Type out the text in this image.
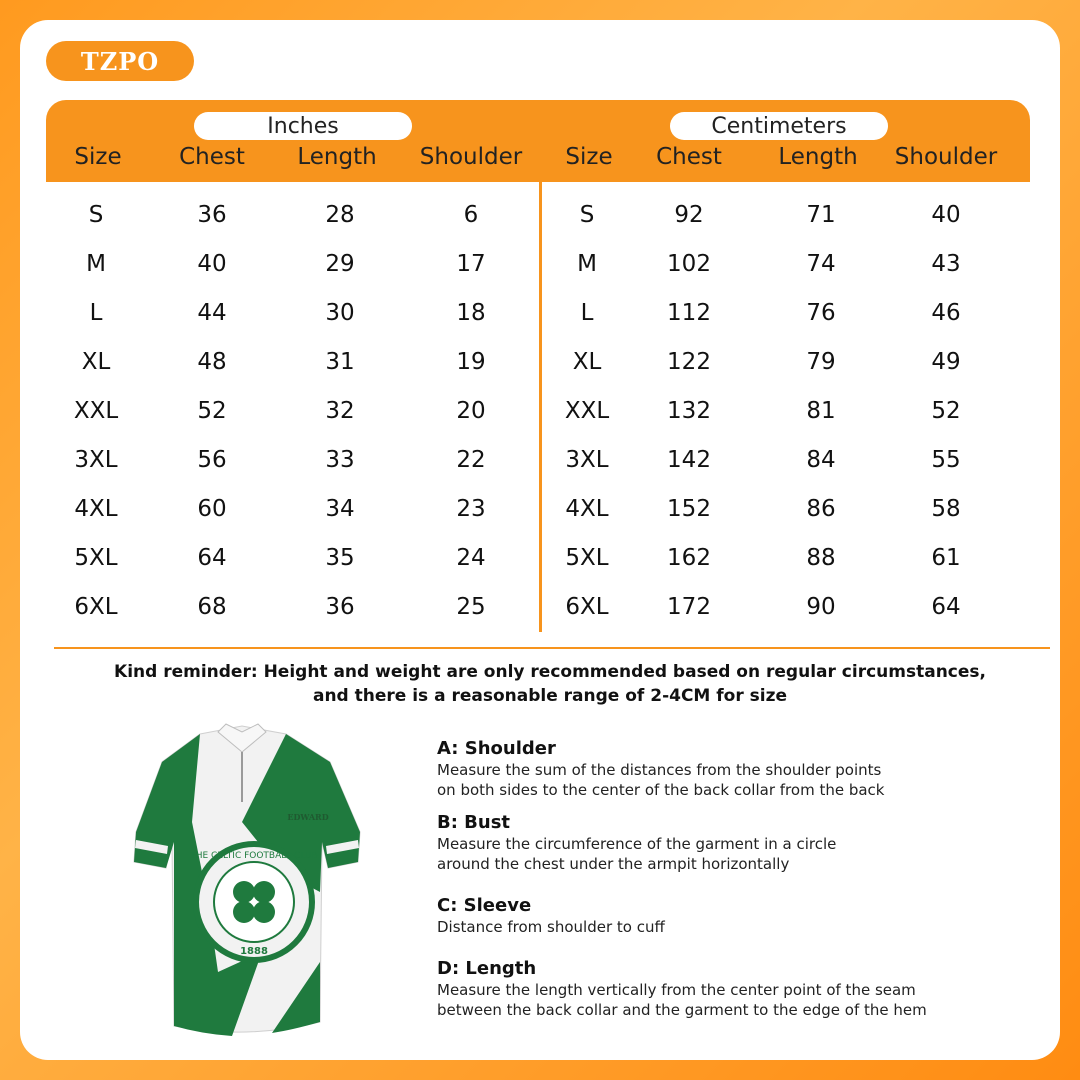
TZPO
Inches	Centimeters
Size Chest Length Shoulder Size Chest Length Shoulder
S	36	28	6	S	92	71	40
M	40	29	17	M	102	74	43
L	44	30	18	L	112	76	46
XL	48	31	19	XL	122	79	49
XXL	52	32	20	XXL	132	81	52
3XL	56	33	22	3XL	142	84	55
4XL	60	34	23	4XL	152	86	58
5XL	64	35	24	5XL	162	88	61
6XL	68	36	25	6XL	172	90	64
Kind reminder: Height and weight are only recommended based on regular circumstances,
and there is a reasonable range of 2-4CM for size
THE CELTIC FOOTBALL CLUB
1888
EDWARD
A: Shoulder
Measure the sum of the distances from the shoulder points
on both sides to the center of the back collar from the back
B: Bust
Measure the circumference of the garment in a circle
around the chest under the armpit horizontally
C: Sleeve
Distance from shoulder to cuff
D: Length
Measure the length vertically from the center point of the seam
between the back collar and the garment to the edge of the hem
